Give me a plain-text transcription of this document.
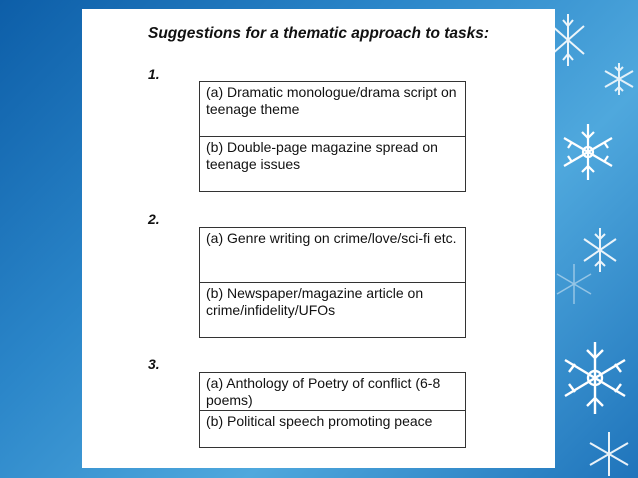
Suggestions for a thematic approach to tasks:
1.
(a) Dramatic monologue/drama script on teenage theme
(b) Double-page magazine spread on teenage issues
2.
(a) Genre writing on crime/love/sci-fi etc.
(b) Newspaper/magazine article on crime/infidelity/UFOs
3.
(a) Anthology of Poetry of conflict (6-8 poems)
(b) Political speech promoting peace
